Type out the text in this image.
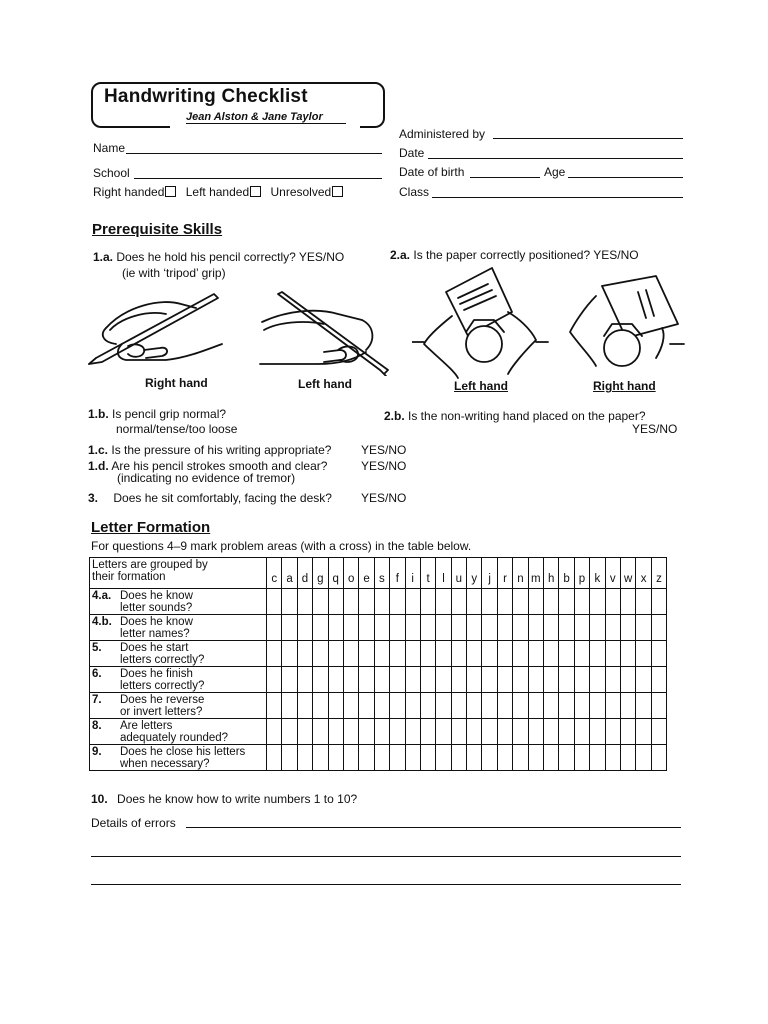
Handwriting Checklist
Jean Alston & Jane Taylor
Name
School
Right handed Left handed Unresolved
Administered by
Date
Date of birth	Age
Class
Prerequisite Skills
1.a. Does he hold his pencil correctly? YES/NO
(ie with ‘tripod’ grip)
2.a. Is the paper correctly positioned? YES/NO
Right hand	Left hand	Left hand	Right hand
1.b. Is pencil grip normal?
normal/tense/too loose
2.b. Is the non-writing hand placed on the paper?
YES/NO
1.c. Is the pressure of his writing appropriate? YES/NO
1.d. Are his pencil strokes smooth and clear?	YES/NO
(indicating no evidence of tremor)
3. Does he sit comfortably, facing the desk? YES/NO
Letter Formation
For questions 4–9 mark problem areas (with a cross) in the table below.
Letters are grouped by
their formation	c	a	d	g	q	o	e	s	f	i	t	l	u	y	j	r	n	m	h	b	p	k	v	w	x	z

4.a. Does he know
letter sounds?																										

4.b. Does he know
letter names?																										

5. Does he start
letters correctly?																										

6. Does he finish
letters correctly?																										

7. Does he reverse
or invert letters?																										

8. Are letters
adequately rounded?																										

9. Does he close his letters
when necessary?																										

10. Does he know how to write numbers 1 to 10?
Details of errors
